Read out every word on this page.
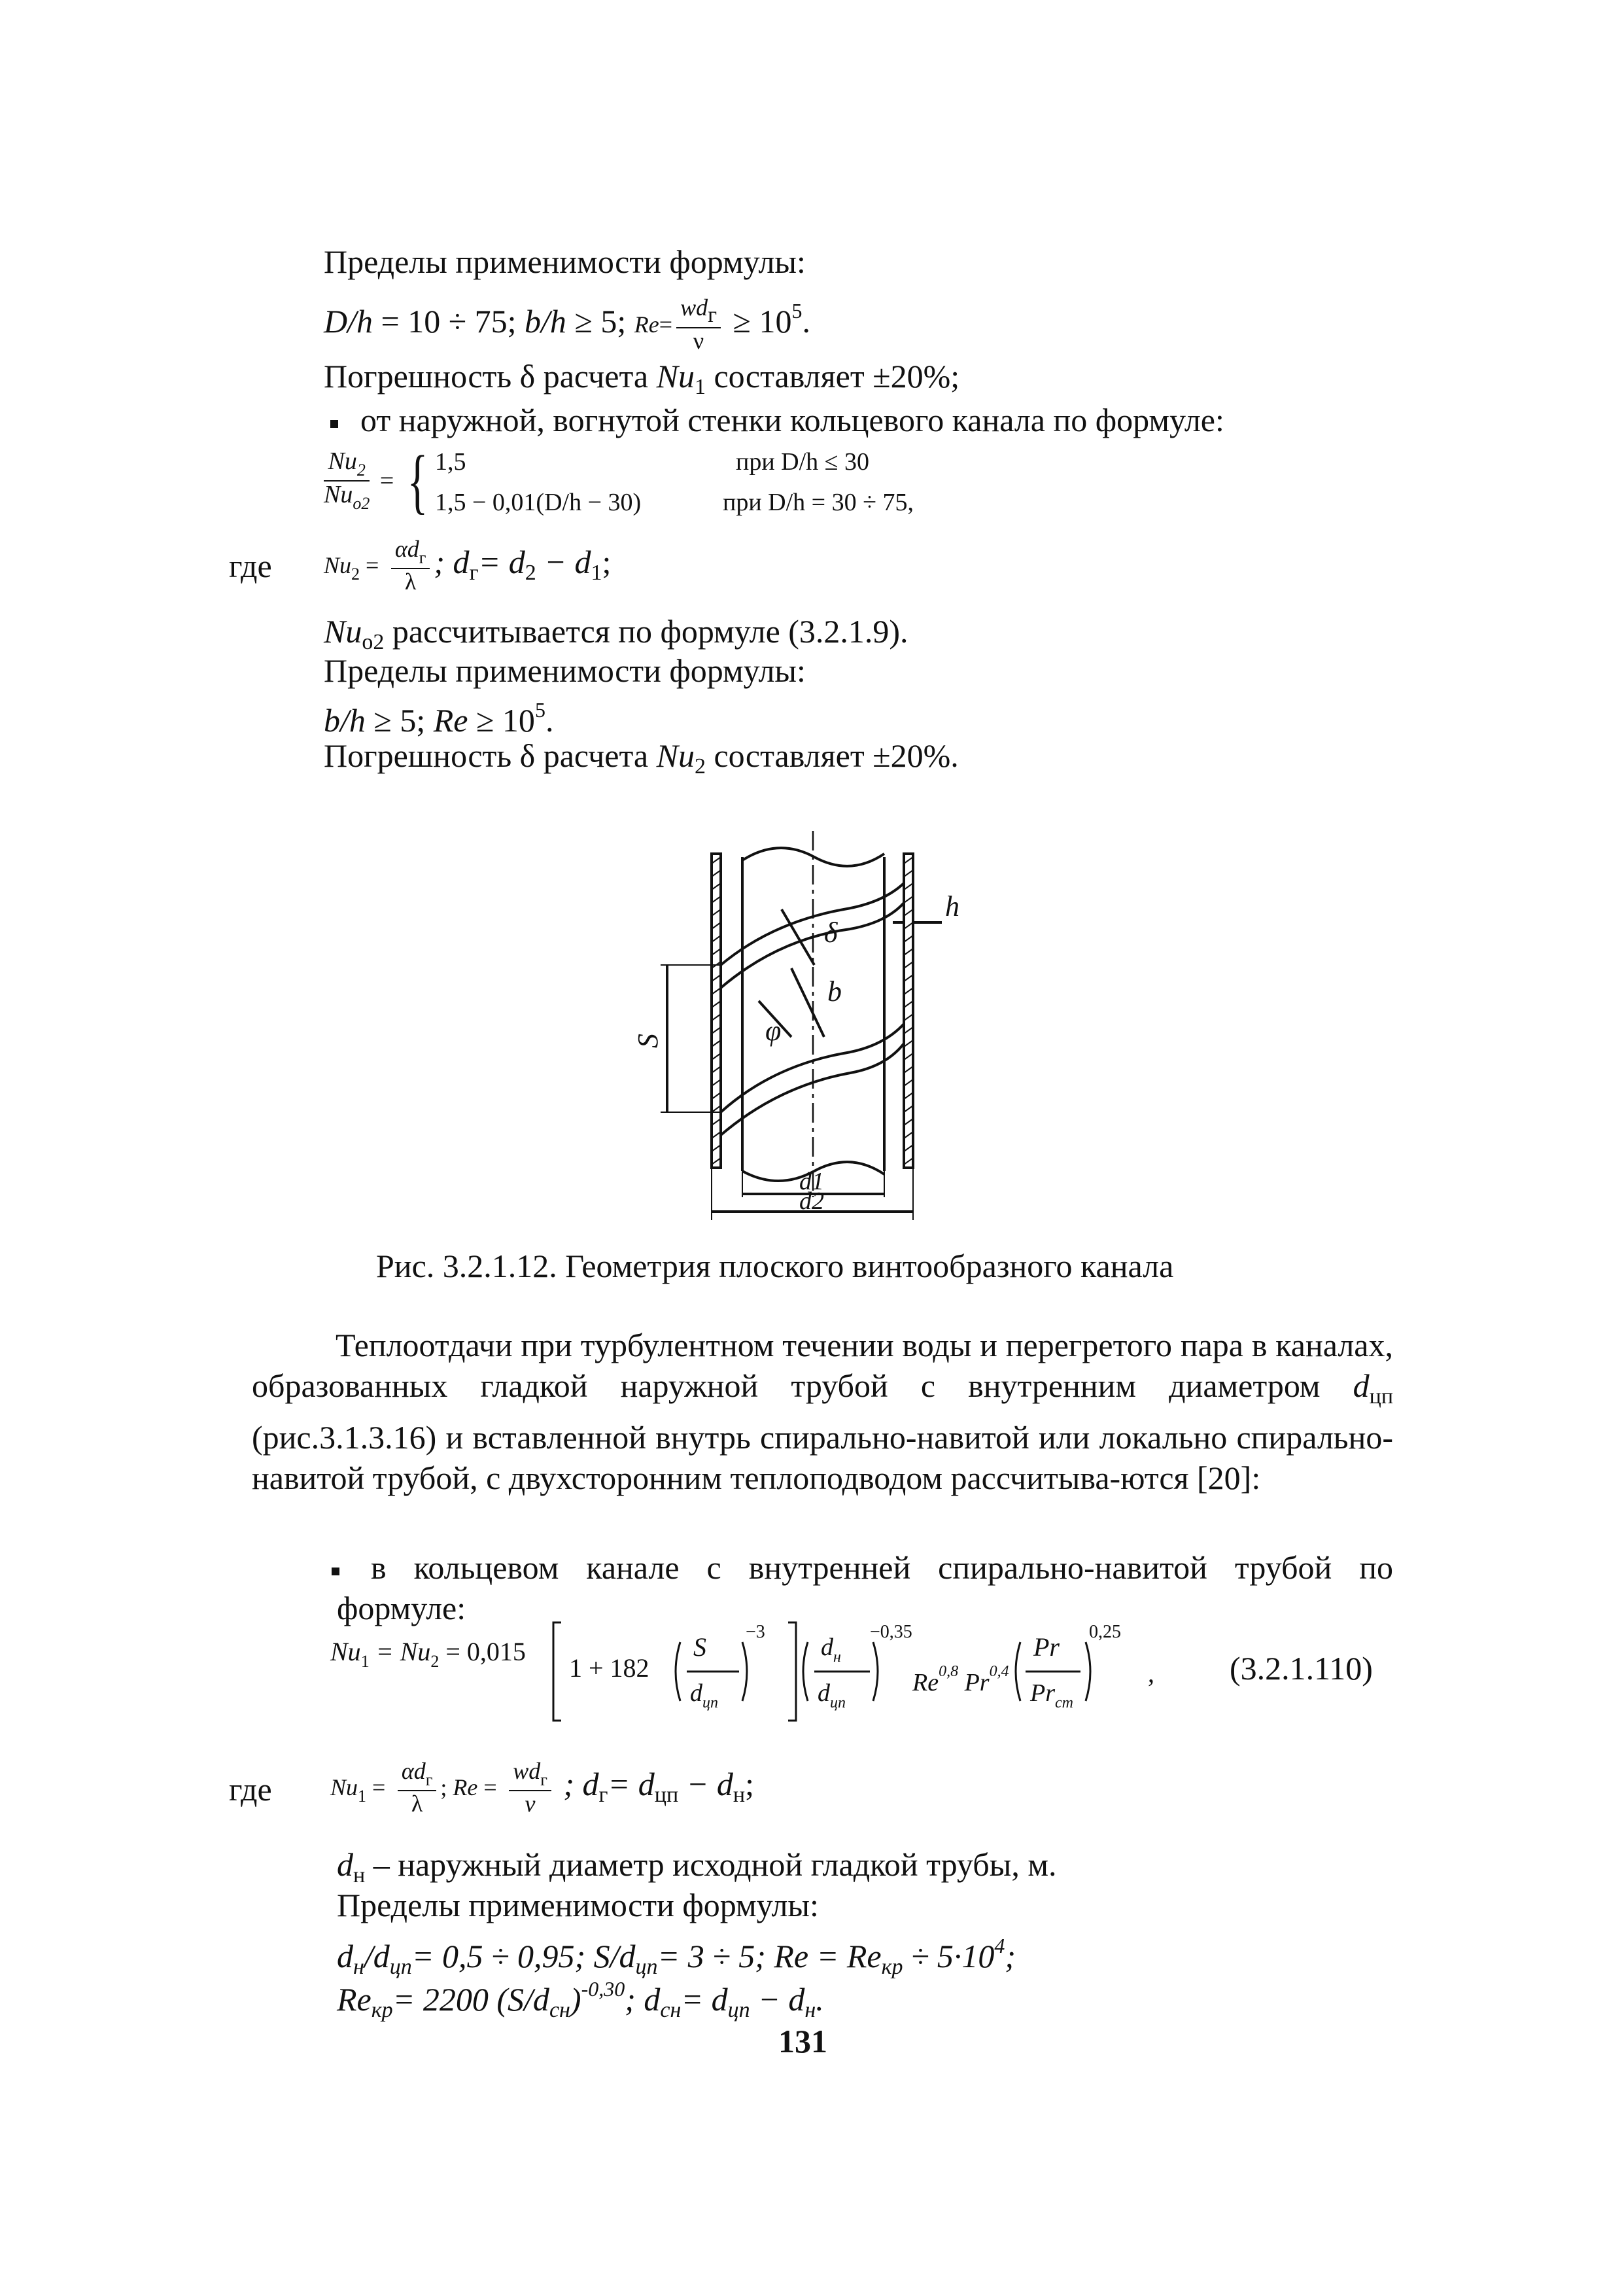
Пределы применимости формулы:
D/h = 10 ÷ 75; b/h ≥ 5; $Re= \frac{\text{wdг}}{\nu} \ge 10^5$.
Погрешность δ расчета $Nu_1$ составляет ±20%;
от наружной, вогнутой стенки кольцевого канала по формуле:
$\frac{Nu_2}{Nu_{o2}}$ = { 1,5	при D/h ≤ 30
1,5 − 0,01(D/h − 30)	при D/h = 30 ÷ 75,
где $Nu_2 = \frac{\alpha d_г}{\lambda}$ ; $d_г= d_2 - d_1$;
$Nu_{o2}$ рассчитывается по формуле (3.2.1.9).
Пределы применимости формулы:
b/h ≥ 5; $Re \ge 10^5$.
Погрешность δ расчета $Nu_2$ составляет ±20%.
δ
b
h
S	φ
d1
d2
Рис. 3.2.1.12. Геометрия плоского винтообразного канала
Теплоотдачи при турбулентном течении воды и перегретого пара в каналах, образованных гладкой наружной трубой с внутренним диаметром $d_{цп}$ (рис.3.1.3.16) и вставленной внутрь спирально-навитой или локально спирально-навитой трубой, с двухсторонним теплоподводом рассчитыва-ются [20]:
в кольцевом канале с внутренней спирально-навитой трубой по формуле:
$Nu_1 = Nu_2 = 0,015$
1 + 182
S
$d_{цп}$
−3
$d_н$
$d_{цп}$
−0,35
Re$^{0,8}$ Pr$^{0,4}$
Pr
$Pr_{ст}$
0,25
, (3.2.1.110)
где $Nu_1 = \frac{\alpha d_г}{\lambda}$ ; $Re = \frac{wd_г}{\nu}$ ; $d_г= d_{цп} - d_н$;
$d_н$ – наружный диаметр исходной гладкой трубы, м.
Пределы применимости формулы:
$d_н/d_{цп}= 0,5 \div 0,95$; $S/d_{цп}= 3 \div 5$; $Re = Re_{кр} \div 5\cdot 10^4$;
$Re_{кр}= 2200$ $(S/d_{сн})^{-0,30}$; $d_{сн}= d_{цп} - d_н$.
131
